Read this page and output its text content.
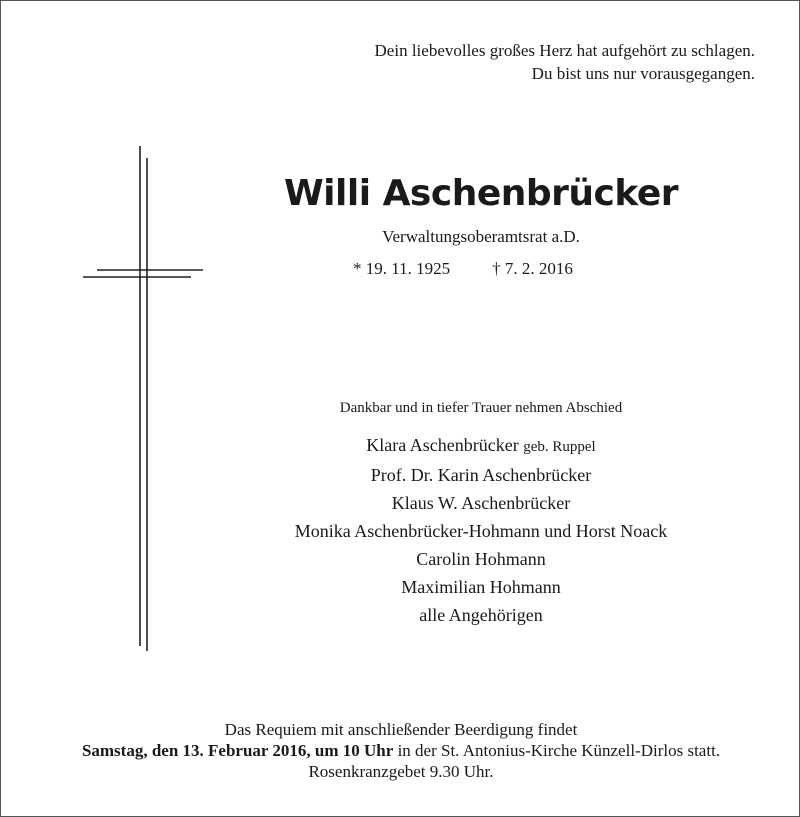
Dein liebevolles großes Herz hat aufgehört zu schlagen.
Du bist uns nur vorausgegangen.
Willi Aschenbrücker
Verwaltungsoberamtsrat a.D.
* 19. 11. 1925 † 7. 2. 2016
Dankbar und in tiefer Trauer nehmen Abschied
Klara Aschenbrücker geb. Ruppel
Prof. Dr. Karin Aschenbrücker
Klaus W. Aschenbrücker
Monika Aschenbrücker-Hohmann und Horst Noack
Carolin Hohmann
Maximilian Hohmann
alle Angehörigen
Das Requiem mit anschließender Beerdigung findet
Samstag, den 13. Februar 2016, um 10 Uhr in der St. Antonius-Kirche Künzell-Dirlos statt.
Rosenkranzgebet 9.30 Uhr.
